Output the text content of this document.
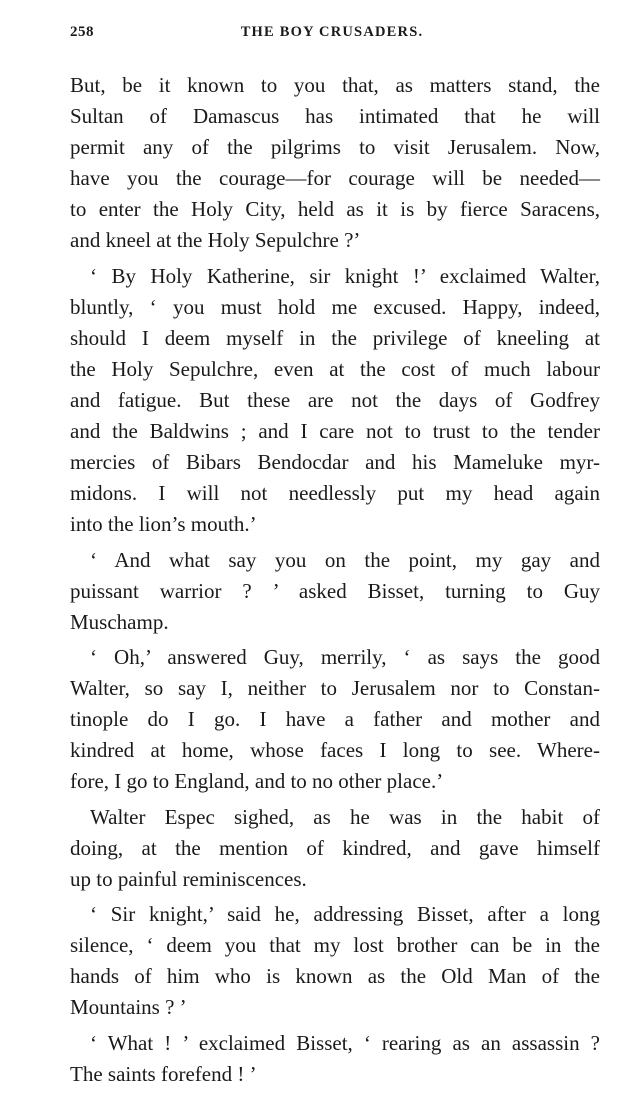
258	THE BOY CRUSADERS.
But, be it known to you that, as matters stand, the
Sultan of Damascus has intimated that he will
permit any of the pilgrims to visit Jerusalem. Now,
have you the courage—for courage will be needed—
to enter the Holy City, held as it is by fierce Saracens,
and kneel at the Holy Sepulchre ?’
‘ By Holy Katherine, sir knight !’ exclaimed Walter,
bluntly, ‘ you must hold me excused. Happy, indeed,
should I deem myself in the privilege of kneeling at
the Holy Sepulchre, even at the cost of much labour
and fatigue. But these are not the days of Godfrey
and the Baldwins ; and I care not to trust to the tender
mercies of Bibars Bendocdar and his Mameluke myr-
midons. I will not needlessly put my head again
into the lion’s mouth.’
‘ And what say you on the point, my gay and
puissant warrior ? ’ asked Bisset, turning to Guy
Muschamp.
‘ Oh,’ answered Guy, merrily, ‘ as says the good
Walter, so say I, neither to Jerusalem nor to Constan-
tinople do I go. I have a father and mother and
kindred at home, whose faces I long to see. Where-
fore, I go to England, and to no other place.’
Walter Espec sighed, as he was in the habit of
doing, at the mention of kindred, and gave himself
up to painful reminiscences.
‘ Sir knight,’ said he, addressing Bisset, after a long
silence, ‘ deem you that my lost brother can be in the
hands of him who is known as the Old Man of the
Mountains ? ’
‘ What ! ’ exclaimed Bisset, ‘ rearing as an assassin ?
The saints forefend ! ’
